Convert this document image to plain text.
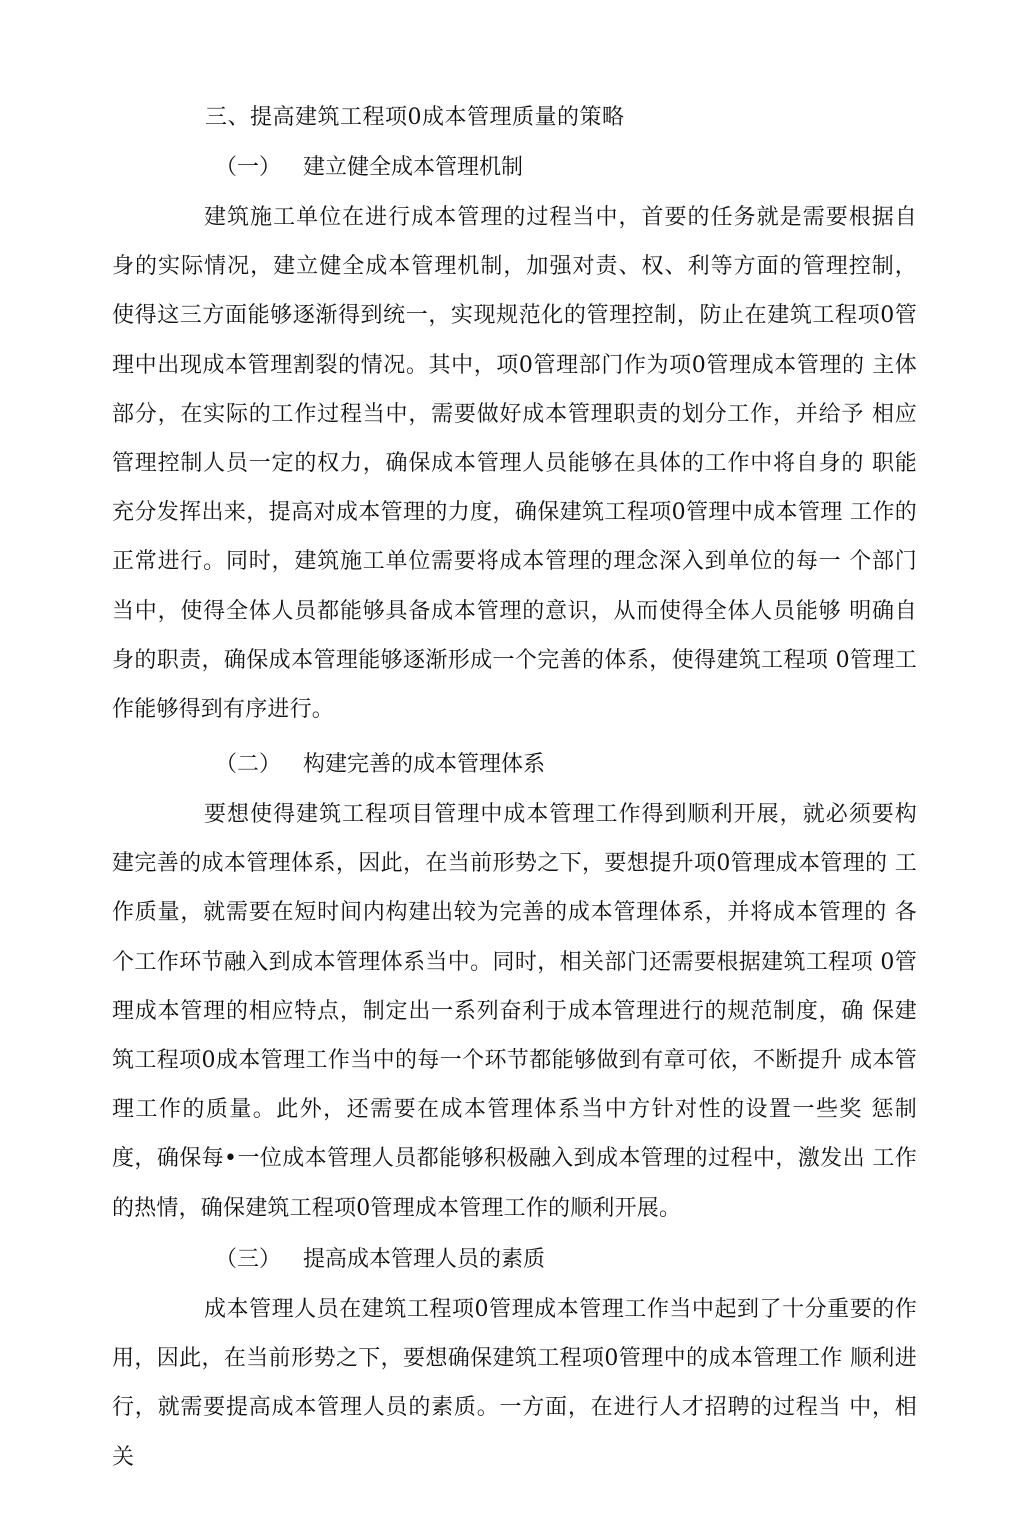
三、提高建筑工程项0成本管理质量的策略
（一） 建立健全成本管理机制

建筑施工单位在进行成本管理的过程当中，首要的任务就是需要根据自 身的实际情况，建立健全成本管理机制，加强对责、权、利等方面的管理控制， 使得这三方面能够逐渐得到统一，实现规范化的管理控制，防止在建筑工程项0管理中出现成本管理割裂的情况。其中，项0管理部门作为项0管理成本管理的 主体部分，在实际的工作过程当中，需要做好成本管理职责的划分工作，并给予 相应管理控制人员一定的权力，确保成本管理人员能够在具体的工作中将自身的 职能充分发挥出来，提高对成本管理的力度，确保建筑工程项0管理中成本管理 工作的正常进行。同时，建筑施工单位需要将成本管理的理念深入到单位的每一 个部门当中，使得全体人员都能够具备成本管理的意识，从而使得全体人员能够 明确自身的职责，确保成本管理能够逐渐形成一个完善的体系，使得建筑工程项 0管理工作能够得到有序进行。

（二） 构建完善的成本管理体系

要想使得建筑工程项目管理中成本管理工作得到顺利开展，就必须要构 建完善的成本管理体系，因此，在当前形势之下，要想提升项0管理成本管理的 工作质量，就需要在短时间内构建出较为完善的成本管理体系，并将成本管理的 各个工作环节融入到成本管理体系当中。同时，相关部门还需要根据建筑工程项 0管理成本管理的相应特点，制定出一系列奋利于成本管理进行的规范制度，确 保建筑工程项0成本管理工作当中的每一个环节都能够做到有章可依，不断提升 成本管理工作的质量。此外，还需要在成本管理体系当中方针对性的设置一些奖 惩制度，确保每•一位成本管理人员都能够积极融入到成本管理的过程中，激发出 工作的热情，确保建筑工程项0管理成本管理工作的顺利开展。

（三） 提高成本管理人员的素质

成本管理人员在建筑工程项0管理成本管理工作当中起到了十分重要的作用，因此，在当前形势之下，要想确保建筑工程项0管理中的成本管理工作 顺利进行，就需要提高成本管理人员的素质。一方面，在进行人才招聘的过程当 中，相关
